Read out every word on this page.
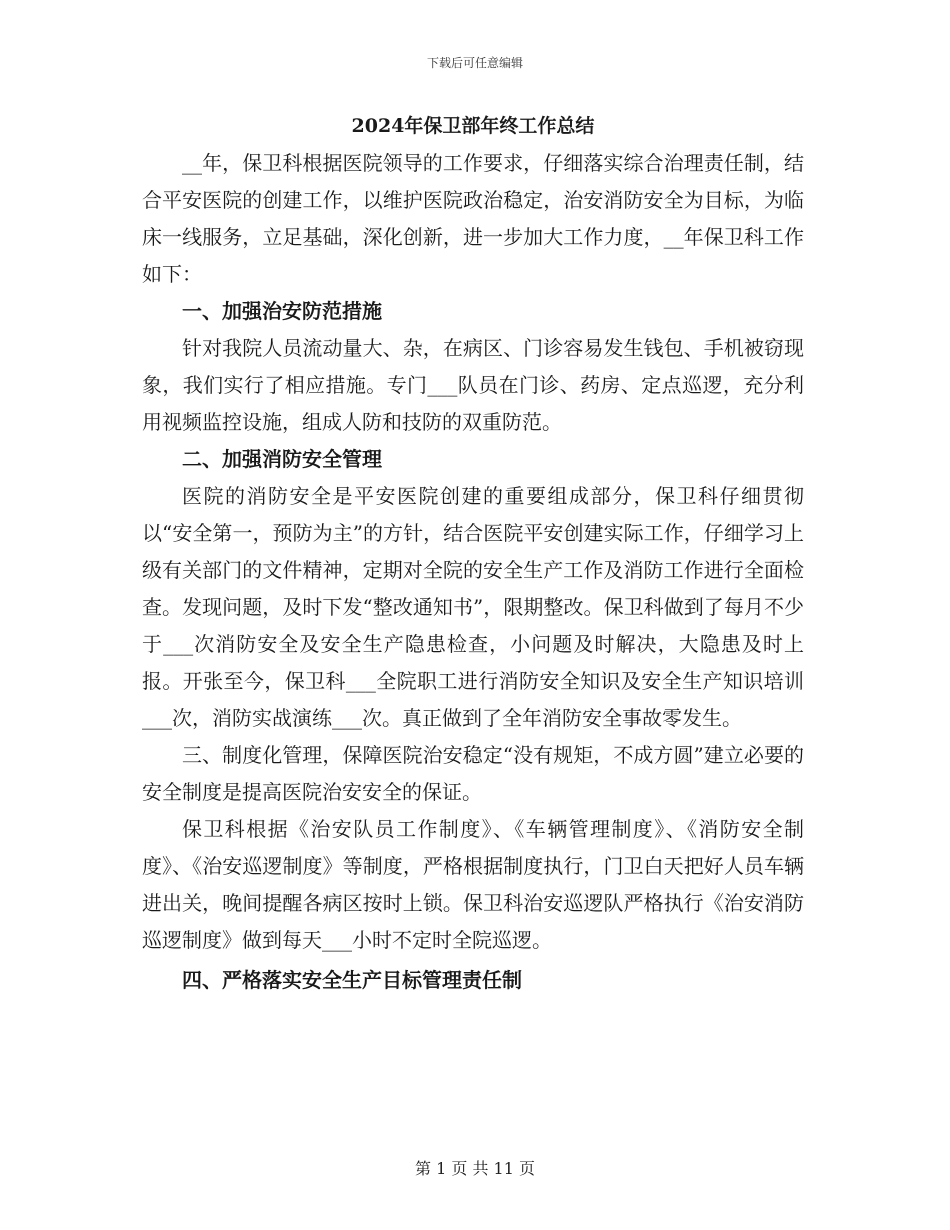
下载后可任意编辑
2024年保卫部年终工作总结

__年，保卫科根据医院领导的工作要求，仔细落实综合治理责任制，结合平安医院的创建工作，以维护医院政治稳定，治安消防安全为目标，为临床一线服务，立足基础，深化创新，进一步加大工作力度，__年保卫科工作如下：

一、加强治安防范措施

针对我院人员流动量大、杂，在病区、门诊容易发生钱包、手机被窃现象，我们实行了相应措施。专门___队员在门诊、药房、定点巡逻，充分利用视频监控设施，组成人防和技防的双重防范。

二、加强消防安全管理

医院的消防安全是平安医院创建的重要组成部分，保卫科仔细贯彻以“安全第一，预防为主”的方针，结合医院平安创建实际工作，仔细学习上级有关部门的文件精神，定期对全院的安全生产工作及消防工作进行全面检查。发现问题，及时下发“整改通知书”，限期整改。保卫科做到了每月不少于___次消防安全及安全生产隐患检查，小问题及时解决，大隐患及时上报。开张至今，保卫科___全院职工进行消防安全知识及安全生产知识培训___次，消防实战演练___次。真正做到了全年消防安全事故零发生。

三、制度化管理，保障医院治安稳定“没有规矩，不成方圆”建立必要的安全制度是提高医院治安安全的保证。

保卫科根据《治安队员工作制度》、《车辆管理制度》、《消防安全制度》、《治安巡逻制度》等制度，严格根据制度执行，门卫白天把好人员车辆进出关，晚间提醒各病区按时上锁。保卫科治安巡逻队严格执行《治安消防巡逻制度》做到每天___小时不定时全院巡逻。

四、严格落实安全生产目标管理责任制

第 1 页 共 11 页
